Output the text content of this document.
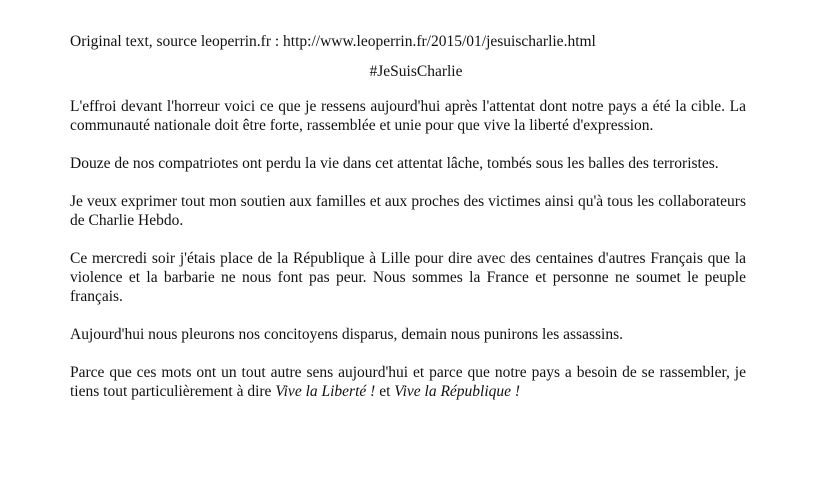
Original text, source leoperrin.fr : http://www.leoperrin.fr/2015/01/jesuischarlie.html
#JeSuisCharlie

L'effroi devant l'horreur voici ce que je ressens aujourd'hui après l'attentat dont notre pays a été la cible. La communauté nationale doit être forte, rassemblée et unie pour que vive la liberté d'expression.

Douze de nos compatriotes ont perdu la vie dans cet attentat lâche, tombés sous les balles des terroristes.

Je veux exprimer tout mon soutien aux familles et aux proches des victimes ainsi qu'à tous les collaborateurs de Charlie Hebdo.

Ce mercredi soir j'étais place de la République à Lille pour dire avec des centaines d'autres Français que la violence et la barbarie ne nous font pas peur. Nous sommes la France et personne ne soumet le peuple français.

Aujourd'hui nous pleurons nos concitoyens disparus, demain nous punirons les assassins.

Parce que ces mots ont un tout autre sens aujourd'hui et parce que notre pays a besoin de se rassembler, je tiens tout particulièrement à dire Vive la Liberté ! et Vive la République !
